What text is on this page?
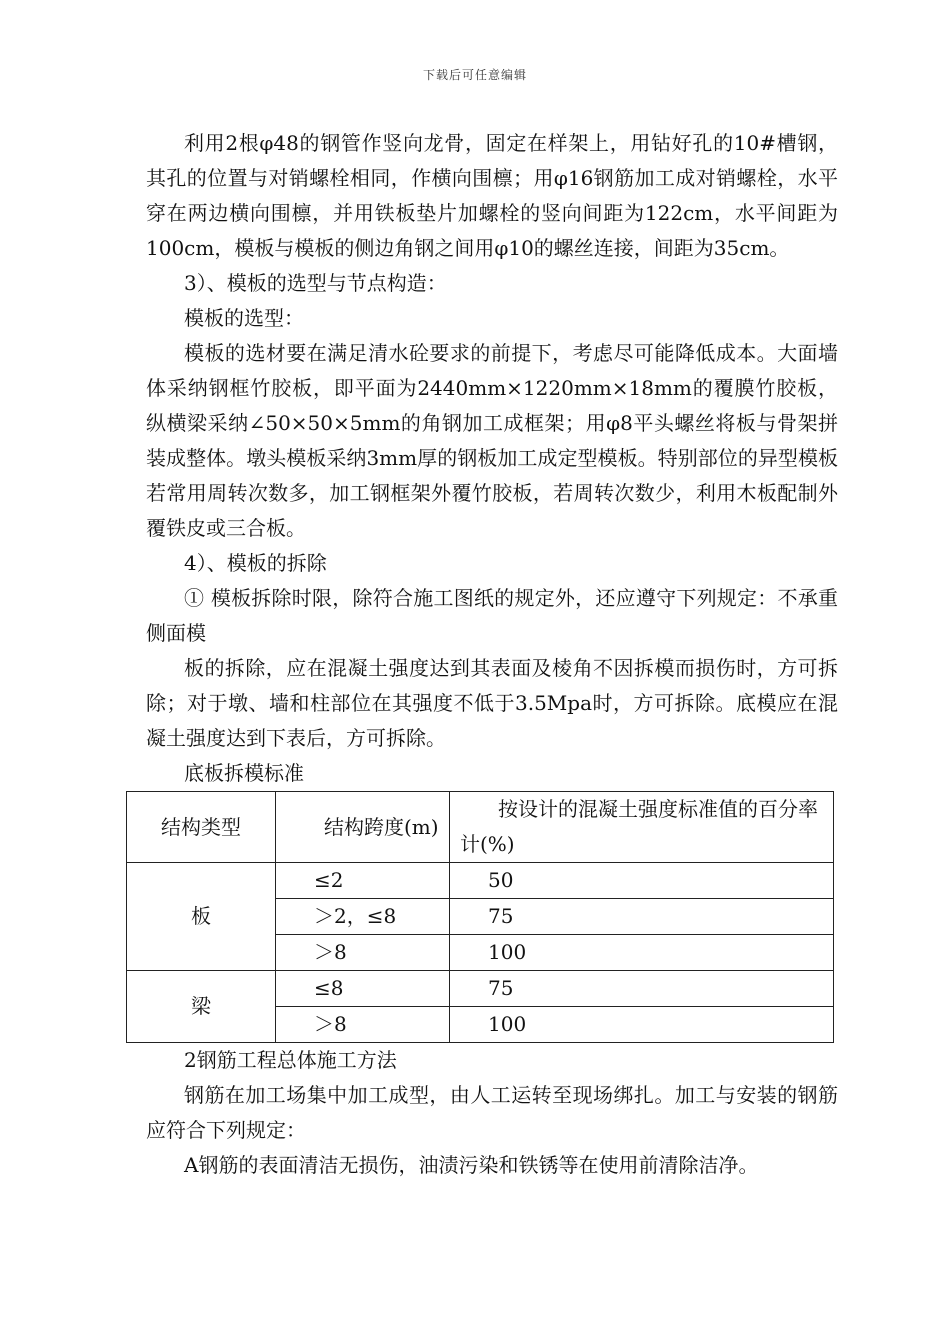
下载后可任意编辑

利用2根φ48的钢管作竖向龙骨，固定在样架上，用钻好孔的10#槽钢，其孔的位置与对销螺栓相同，作横向围檩；用φ16钢筋加工成对销螺栓，水平穿在两边横向围檩，并用铁板垫片加螺栓的竖向间距为122cm，水平间距为100cm，模板与模板的侧边角钢之间用φ10的螺丝连接，间距为35cm。

3）、模板的选型与节点构造：

模板的选型：

模板的选材要在满足清水砼要求的前提下，考虑尽可能降低成本。大面墙体采纳钢框竹胶板，即平面为2440mm×1220mm×18mm的覆膜竹胶板，纵横梁采纳∠50×50×5mm的角钢加工成框架；用φ8平头螺丝将板与骨架拼装成整体。墩头模板采纳3mm厚的钢板加工成定型模板。特别部位的异型模板若常用周转次数多，加工钢框架外覆竹胶板，若周转次数少，利用木板配制外覆铁皮或三合板。

4）、模板的拆除

① 模板拆除时限，除符合施工图纸的规定外，还应遵守下列规定：不承重侧面模

板的拆除，应在混凝土强度达到其表面及棱角不因拆模而损伤时，方可拆除；对于墩、墙和柱部位在其强度不低于3.5Mpa时，方可拆除。底模应在混凝土强度达到下表后，方可拆除。

底板拆模标准

结构类型	结构跨度(m)	按设计的混凝土强度标准值的百分率计(%)
板	≤2	50
	＞2，≤8	75
	＞8	100
梁	≤8	75
	＞8	100

2钢筋工程总体施工方法

钢筋在加工场集中加工成型，由人工运转至现场绑扎。加工与安装的钢筋应符合下列规定：

A钢筋的表面清洁无损伤，油渍污染和铁锈等在使用前清除洁净。
